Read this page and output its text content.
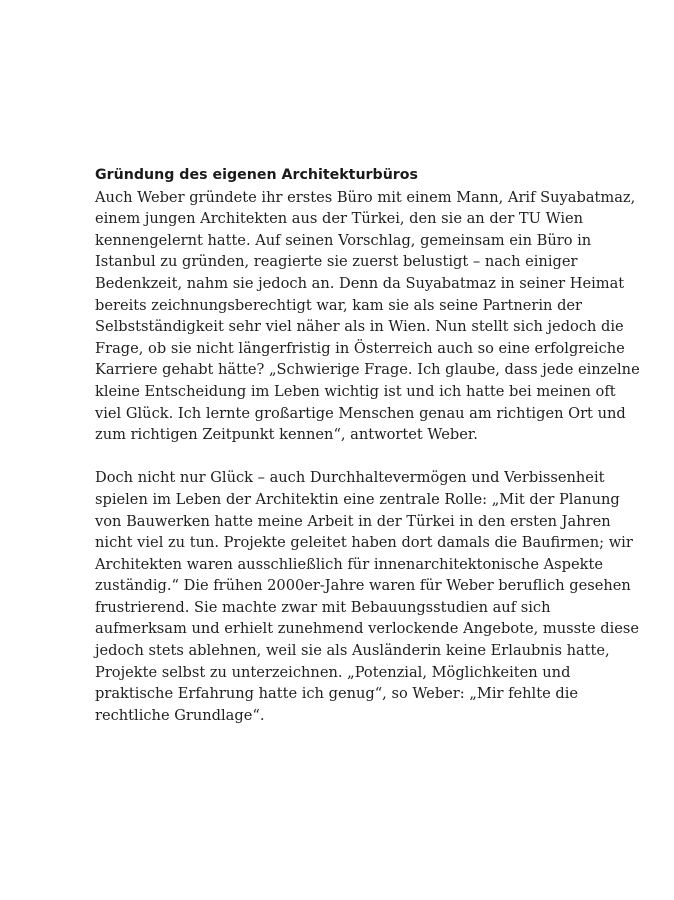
Gründung des eigenen Architekturbüros

Auch Weber gründete ihr erstes Büro mit einem Mann, Arif Suyabatmaz,
einem jungen Architekten aus der Türkei, den sie an der TU Wien
kennengelernt hatte. Auf seinen Vorschlag, gemeinsam ein Büro in
Istanbul zu gründen, reagierte sie zuerst belustigt – nach einiger
Bedenkzeit, nahm sie jedoch an. Denn da Suyabatmaz in seiner Heimat
bereits zeichnungsberechtigt war, kam sie als seine Partnerin der
Selbstständigkeit sehr viel näher als in Wien. Nun stellt sich jedoch die
Frage, ob sie nicht längerfristig in Österreich auch so eine erfolgreiche
Karriere gehabt hätte? „Schwierige Frage. Ich glaube, dass jede einzelne
kleine Entscheidung im Leben wichtig ist und ich hatte bei meinen oft
viel Glück. Ich lernte großartige Menschen genau am richtigen Ort und
zum richtigen Zeitpunkt kennen“, antwortet Weber.

Doch nicht nur Glück – auch Durchhaltevermögen und Verbissenheit
spielen im Leben der Architektin eine zentrale Rolle: „Mit der Planung
von Bauwerken hatte meine Arbeit in der Türkei in den ersten Jahren
nicht viel zu tun. Projekte geleitet haben dort damals die Baufirmen; wir
Architekten waren ausschließlich für innenarchitektonische Aspekte
zuständig.“ Die frühen 2000er-Jahre waren für Weber beruflich gesehen
frustrierend. Sie machte zwar mit Bebauungsstudien auf sich
aufmerksam und erhielt zunehmend verlockende Angebote, musste diese
jedoch stets ablehnen, weil sie als Ausländerin keine Erlaubnis hatte,
Projekte selbst zu unterzeichnen. „Potenzial, Möglichkeiten und
praktische Erfahrung hatte ich genug“, so Weber: „Mir fehlte die
rechtliche Grundlage“.
